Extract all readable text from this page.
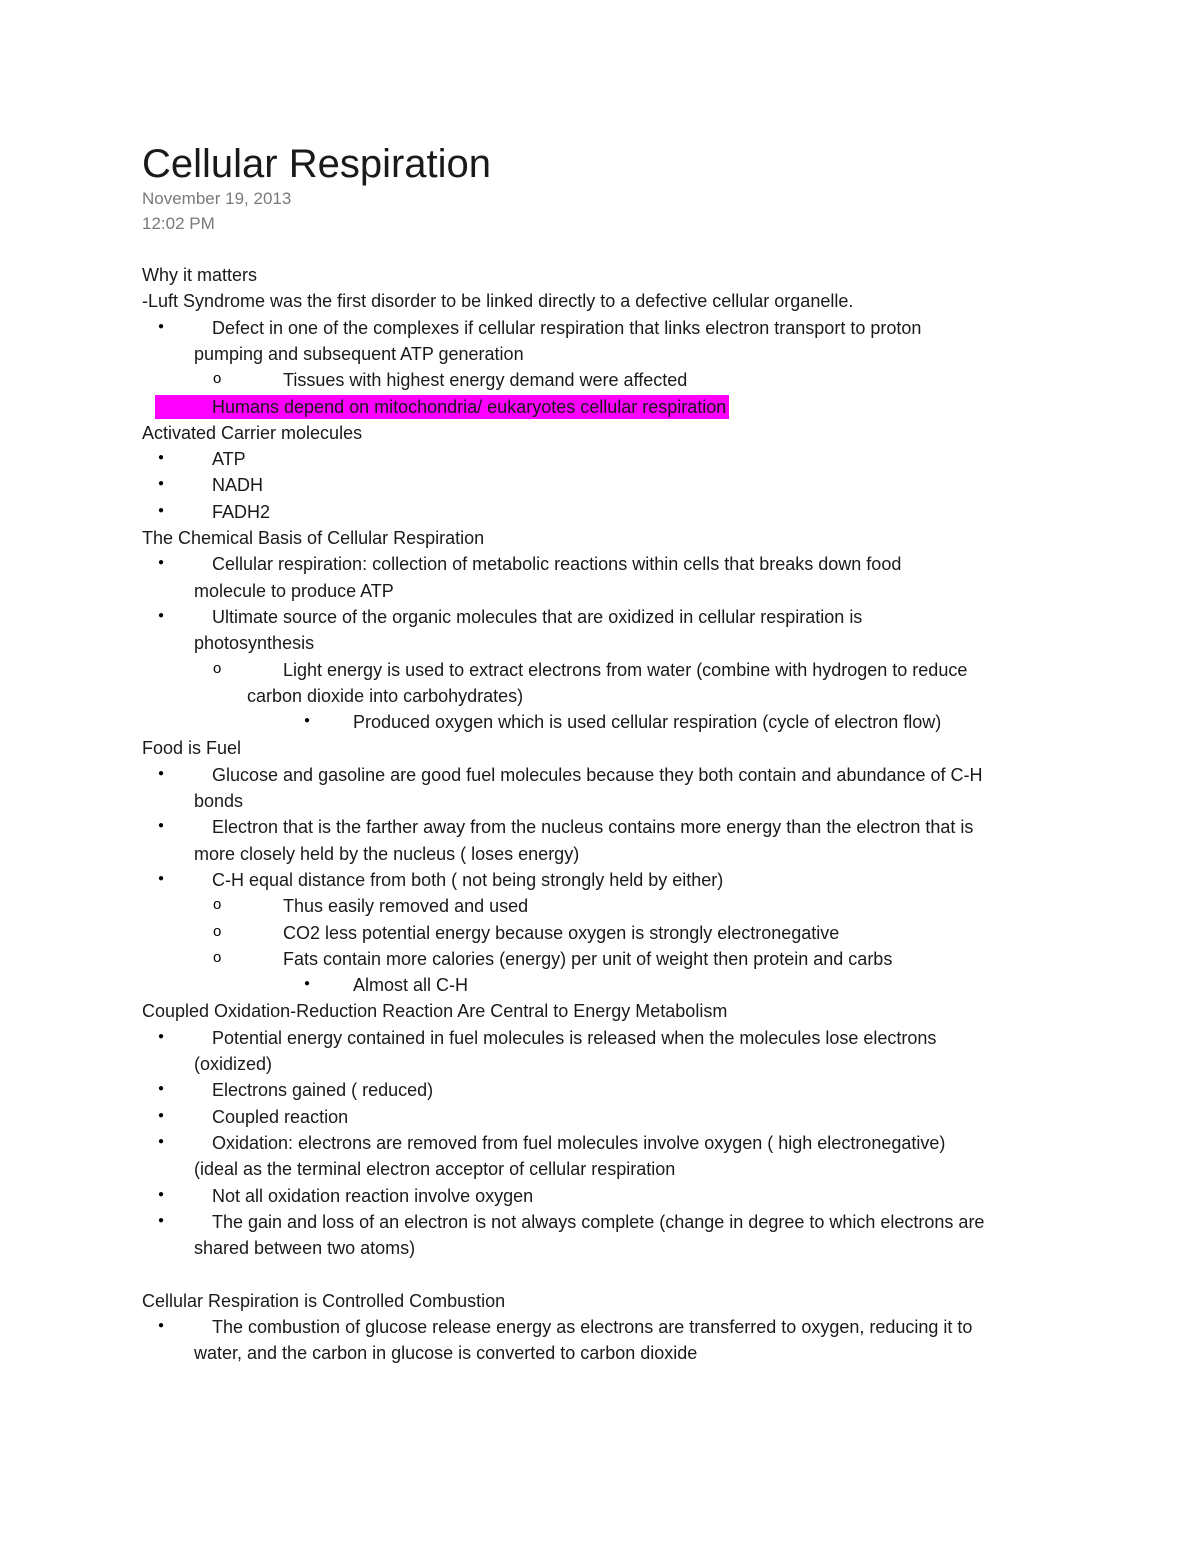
Cellular Respiration
November 19, 2013
12:02 PM
Why it matters
-Luft Syndrome was the first disorder to be linked directly to a defective cellular organelle.
●	Defect in one of the complexes if cellular respiration that links electron transport to proton
pumping and subsequent ATP generation
o	Tissues with highest energy demand were affected
Humans depend on mitochondria/ eukaryotes cellular respiration
Activated Carrier molecules
●	ATP
●	NADH
●	FADH2
The Chemical Basis of Cellular Respiration
●	Cellular respiration: collection of metabolic reactions within cells that breaks down food
molecule to produce ATP
●	Ultimate source of the organic molecules that are oxidized in cellular respiration is
photosynthesis
o	Light energy is used to extract electrons from water (combine with hydrogen to reduce
carbon dioxide into carbohydrates)
● Produced oxygen which is used cellular respiration (cycle of electron flow)
Food is Fuel
●	Glucose and gasoline are good fuel molecules because they both contain and abundance of C-H
bonds
●	Electron that is the farther away from the nucleus contains more energy than the electron that is
more closely held by the nucleus ( loses energy)
●	C-H equal distance from both ( not being strongly held by either)
o	Thus easily removed and used
o	CO2 less potential energy because oxygen is strongly electronegative
o	Fats contain more calories (energy) per unit of weight then protein and carbs
● Almost all C-H
Coupled Oxidation-Reduction Reaction Are Central to Energy Metabolism
●	Potential energy contained in fuel molecules is released when the molecules lose electrons
(oxidized)
●	Electrons gained ( reduced)
●	Coupled reaction
●	Oxidation: electrons are removed from fuel molecules involve oxygen ( high electronegative)
(ideal as the terminal electron acceptor of cellular respiration
●	Not all oxidation reaction involve oxygen
●	The gain and loss of an electron is not always complete (change in degree to which electrons are
shared between two atoms)
Cellular Respiration is Controlled Combustion
●	The combustion of glucose release energy as electrons are transferred to oxygen, reducing it to
water, and the carbon in glucose is converted to carbon dioxide
